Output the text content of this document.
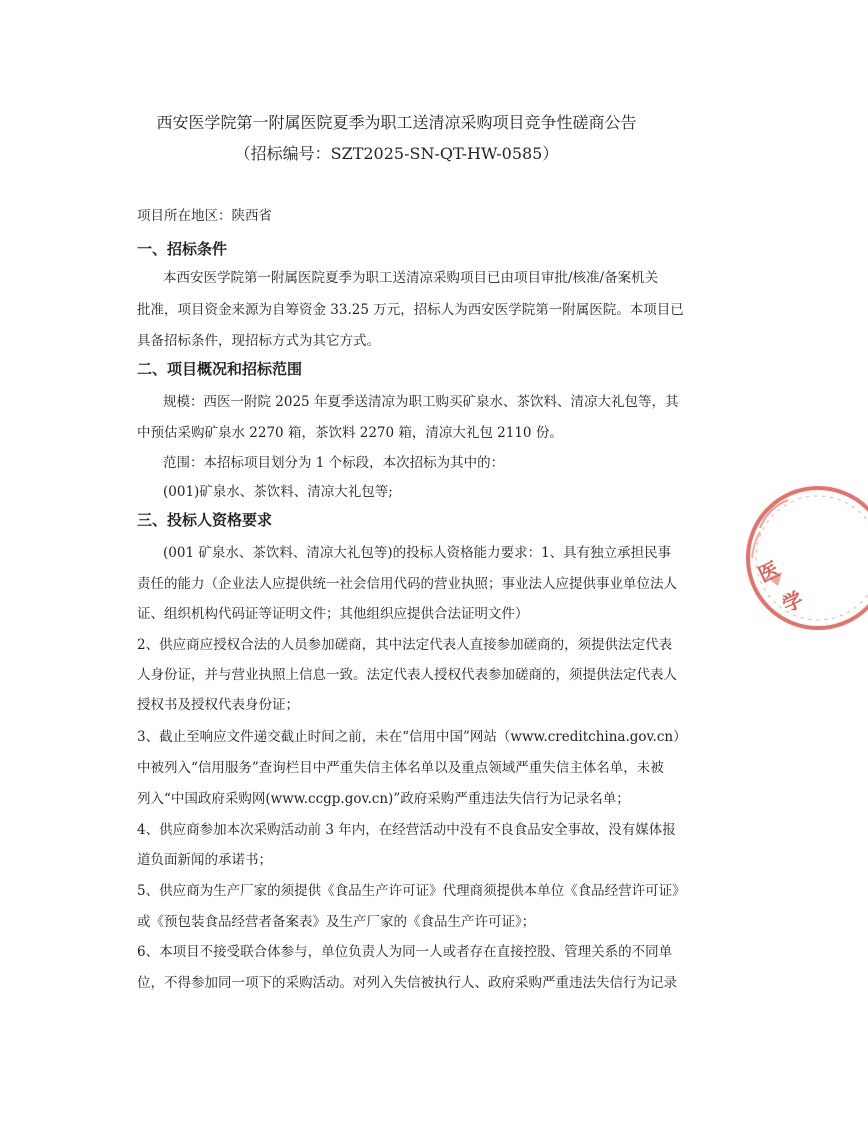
西安医学院第一附属医院夏季为职工送清凉采购项目竞争性磋商公告
（招标编号：SZT2025-SN-QT-HW-0585）
项目所在地区：陕西省
一、招标条件
本西安医学院第一附属医院夏季为职工送清凉采购项目已由项目审批/核准/备案机关
批准，项目资金来源为自筹资金 33.25 万元，招标人为西安医学院第一附属医院。本项目已
具备招标条件，现招标方式为其它方式。
二、项目概况和招标范围
规模：西医一附院 2025 年夏季送清凉为职工购买矿泉水、茶饮料、清凉大礼包等，其
中预估采购矿泉水 2270 箱，茶饮料 2270 箱，清凉大礼包 2110 份。
范围：本招标项目划分为 1 个标段，本次招标为其中的：
(001)矿泉水、茶饮料、清凉大礼包等;
三、投标人资格要求
(001 矿泉水、茶饮料、清凉大礼包等)的投标人资格能力要求：1、具有独立承担民事
责任的能力（企业法人应提供统一社会信用代码的营业执照；事业法人应提供事业单位法人
证、组织机构代码证等证明文件；其他组织应提供合法证明文件）
2、供应商应授权合法的人员参加磋商，其中法定代表人直接参加磋商的，须提供法定代表
人身份证，并与营业执照上信息一致。法定代表人授权代表参加磋商的，须提供法定代表人
授权书及授权代表身份证；
3、截止至响应文件递交截止时间之前，未在“信用中国”网站（www.creditchina.gov.cn）
中被列入“信用服务”查询栏目中严重失信主体名单以及重点领域严重失信主体名单，未被
列入“中国政府采购网(www.ccgp.gov.cn)”政府采购严重违法失信行为记录名单；
4、供应商参加本次采购活动前 3 年内，在经营活动中没有不良食品安全事故，没有媒体报
道负面新闻的承诺书；
5、供应商为生产厂家的须提供《食品生产许可证》代理商须提供本单位《食品经营许可证》
或《预包装食品经营者备案表》及生产厂家的《食品生产许可证》；
6、本项目不接受联合体参与，单位负责人为同一人或者存在直接控股、管理关系的不同单
位，不得参加同一项下的采购活动。对列入失信被执行人、政府采购严重违法失信行为记录
医
学
